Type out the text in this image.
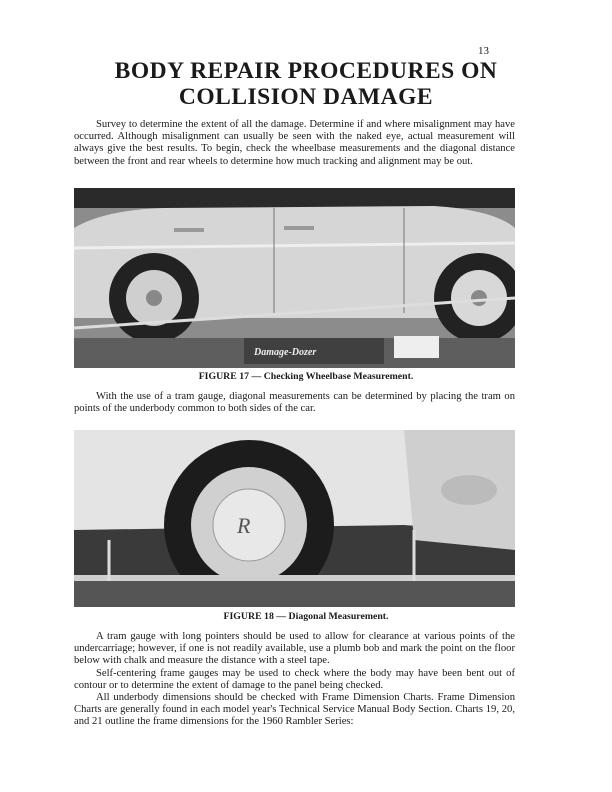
13
BODY REPAIR PROCEDURES ON
COLLISION DAMAGE

Survey to determine the extent of all the damage. Determine if and where misalignment may have occurred. Although misalignment can usually be seen with the naked eye, actual measurement will always give the best results. To begin, check the wheelbase measurements and the diagonal distance between the front and rear wheels to determine how much tracking and alignment may be out.

Damage-Dozer
FIGURE 17 — Checking Wheelbase Measurement.

With the use of a tram gauge, diagonal measurements can be determined by placing the tram on points of the underbody common to both sides of the car.

R
FIGURE 18 — Diagonal Measurement.

A tram gauge with long pointers should be used to allow for clearance at various points of the undercarriage; however, if one is not readily available, use a plumb bob and mark the point on the floor below with chalk and measure the distance with a steel tape.

Self-centering frame gauges may be used to check where the body may have been bent out of contour or to determine the extent of damage to the panel being checked.

All underbody dimensions should be checked with Frame Dimension Charts. Frame Dimension Charts are generally found in each model year's Technical Service Manual Body Section. Charts 19, 20, and 21 outline the frame dimensions for the 1960 Rambler Series:
